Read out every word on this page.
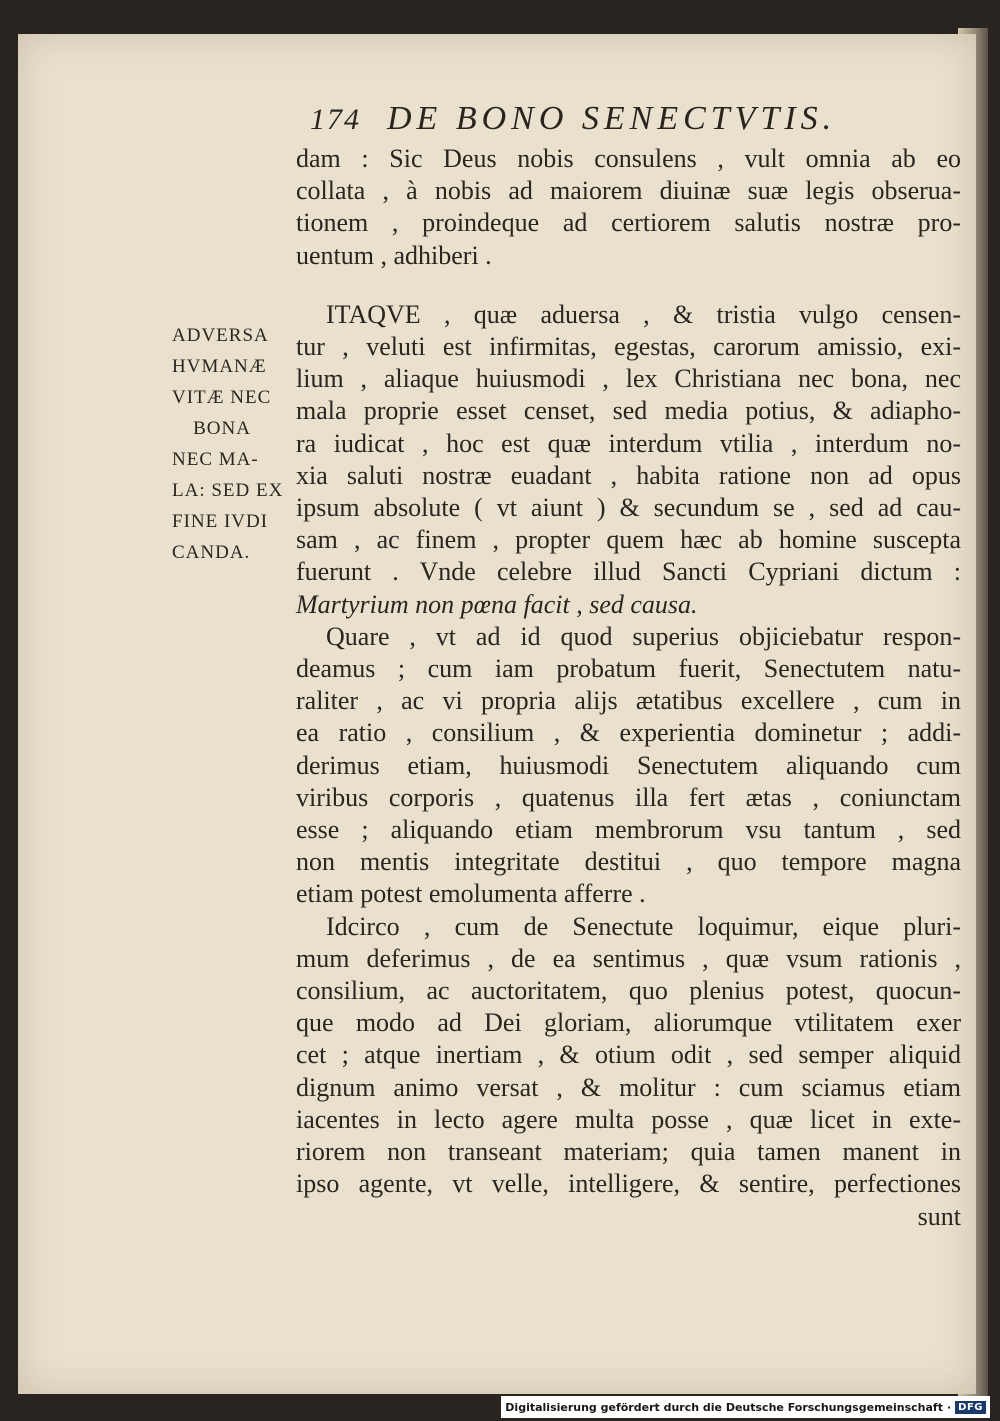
174 DE BONO SENECTVTIS.
ADVERSA
HVMANÆ
VITÆ NEC
BONA
NEC MA-
LA: SED EX
FINE IVDI
CANDA.
dam : Sic Deus nobis consulens , vult omnia ab eo
collata , à nobis ad maiorem diuinæ suæ legis obserua-
tionem , proindeque ad certiorem salutis nostræ pro-
uentum , adhiberi .
ITAQVE , quæ aduersa , & tristia vulgo censen-
tur , veluti est infirmitas, egestas, carorum amissio, exi-
lium , aliaque huiusmodi , lex Christiana nec bona, nec
mala proprie esset censet, sed media potius, & adiapho-
ra iudicat , hoc est quæ interdum vtilia , interdum no-
xia saluti nostræ euadant , habita ratione non ad opus
ipsum absolute ( vt aiunt ) & secundum se , sed ad cau-
sam , ac finem , propter quem hæc ab homine suscepta
fuerunt . Vnde celebre illud Sancti Cypriani dictum :
Martyrium non pœna facit , sed causa.
Quare , vt ad id quod superius objiciebatur respon-
deamus ; cum iam probatum fuerit, Senectutem natu-
raliter , ac vi propria alijs ætatibus excellere , cum in
ea ratio , consilium , & experientia dominetur ; addi-
derimus etiam, huiusmodi Senectutem aliquando cum
viribus corporis , quatenus illa fert ætas , coniunctam
esse ; aliquando etiam membrorum vsu tantum , sed
non mentis integritate destitui , quo tempore magna
etiam potest emolumenta afferre .
Idcirco , cum de Senectute loquimur, eique pluri-
mum deferimus , de ea sentimus , quæ vsum rationis ,
consilium, ac auctoritatem, quo plenius potest, quocun-
que modo ad Dei gloriam, aliorumque vtilitatem exer
cet ; atque inertiam , & otium odit , sed semper aliquid
dignum animo versat , & molitur : cum sciamus etiam
iacentes in lecto agere multa posse , quæ licet in exte-
riorem non transeant materiam; quia tamen manent in
ipso agente, vt velle, intelligere, & sentire, perfectiones
sunt
Digitalisierung gefördert durch die Deutsche Forschungsgemeinschaft · DFG
